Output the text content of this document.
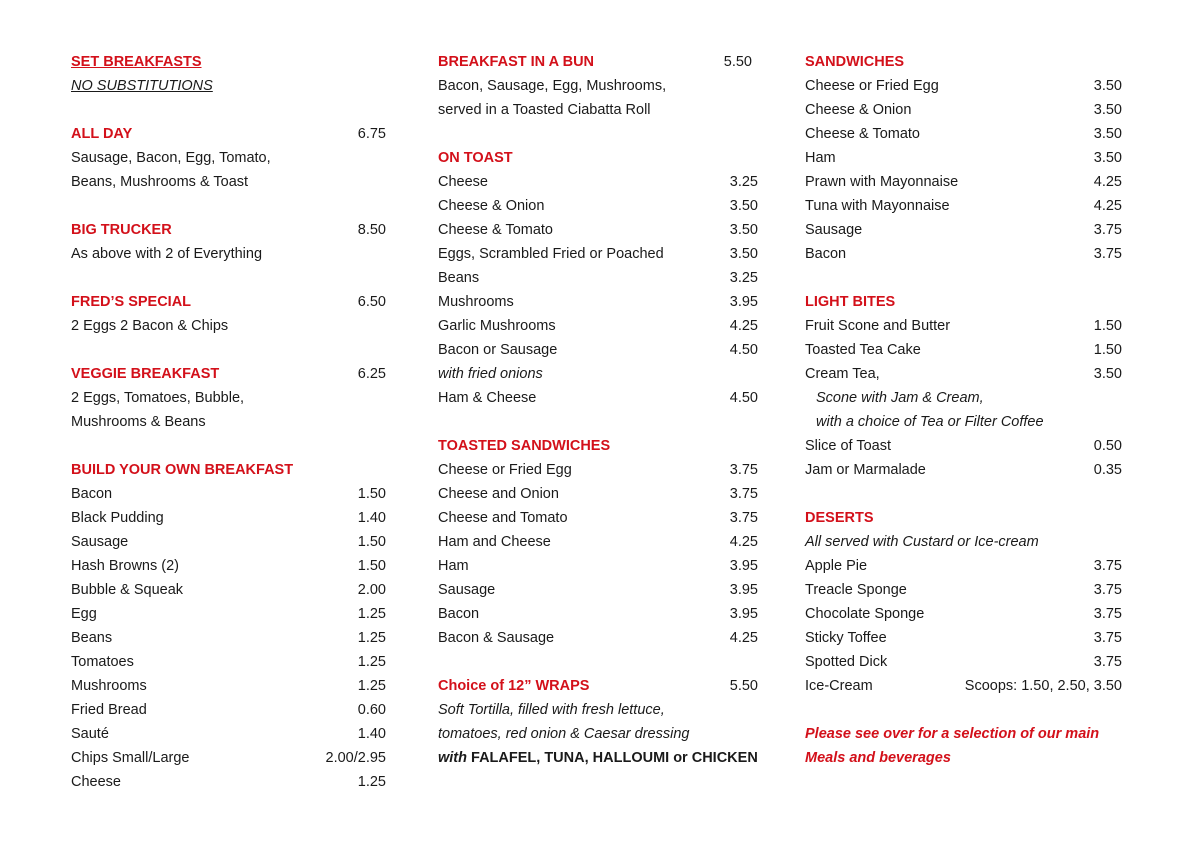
SET BREAKFASTS
NO SUBSTITUTIONS
ALL DAY	6.75
Sausage, Bacon, Egg, Tomato,
Beans, Mushrooms & Toast
BIG TRUCKER	8.50
As above with 2 of Everything
FRED’S SPECIAL	6.50
2 Eggs 2 Bacon & Chips
VEGGIE BREAKFAST	6.25
2 Eggs, Tomatoes, Bubble,
Mushrooms & Beans
BUILD YOUR OWN BREAKFAST
Bacon	1.50
Black Pudding	1.40
Sausage	1.50
Hash Browns (2)	1.50
Bubble & Squeak	2.00
Egg	1.25
Beans	1.25
Tomatoes	1.25
Mushrooms	1.25
Fried Bread	0.60
Sauté	1.40
Chips Small/Large	2.00/2.95
Cheese	1.25
BREAKFAST IN A BUN	5.50
Bacon, Sausage, Egg, Mushrooms,
served in a Toasted Ciabatta Roll
ON TOAST
Cheese	3.25
Cheese & Onion	3.50
Cheese & Tomato	3.50
Eggs, Scrambled Fried or Poached	3.50
Beans	3.25
Mushrooms	3.95
Garlic Mushrooms	4.25
Bacon or Sausage	4.50
with fried onions
Ham & Cheese	4.50
TOASTED SANDWICHES
Cheese or Fried Egg	3.75
Cheese and Onion	3.75
Cheese and Tomato	3.75
Ham and Cheese	4.25
Ham	3.95
Sausage	3.95
Bacon	3.95
Bacon & Sausage	4.25
Choice of 12” WRAPS	5.50
Soft Tortilla, filled with fresh lettuce,
tomatoes, red onion & Caesar dressing
with FALAFEL, TUNA, HALLOUMI or CHICKEN
SANDWICHES
Cheese or Fried Egg	3.50
Cheese & Onion	3.50
Cheese & Tomato	3.50
Ham	3.50
Prawn with Mayonnaise	4.25
Tuna with Mayonnaise	4.25
Sausage	3.75
Bacon	3.75
LIGHT BITES
Fruit Scone and Butter	1.50
Toasted Tea Cake	1.50
Cream Tea,	3.50
Scone with Jam & Cream,
with a choice of Tea or Filter Coffee
Slice of Toast	0.50
Jam or Marmalade	0.35
DESERTS
All served with Custard or Ice-cream
Apple Pie	3.75
Treacle Sponge	3.75
Chocolate Sponge	3.75
Sticky Toffee	3.75
Spotted Dick	3.75
Ice-Cream	Scoops: 1.50, 2.50, 3.50
Please see over for a selection of our main
Meals and beverages
